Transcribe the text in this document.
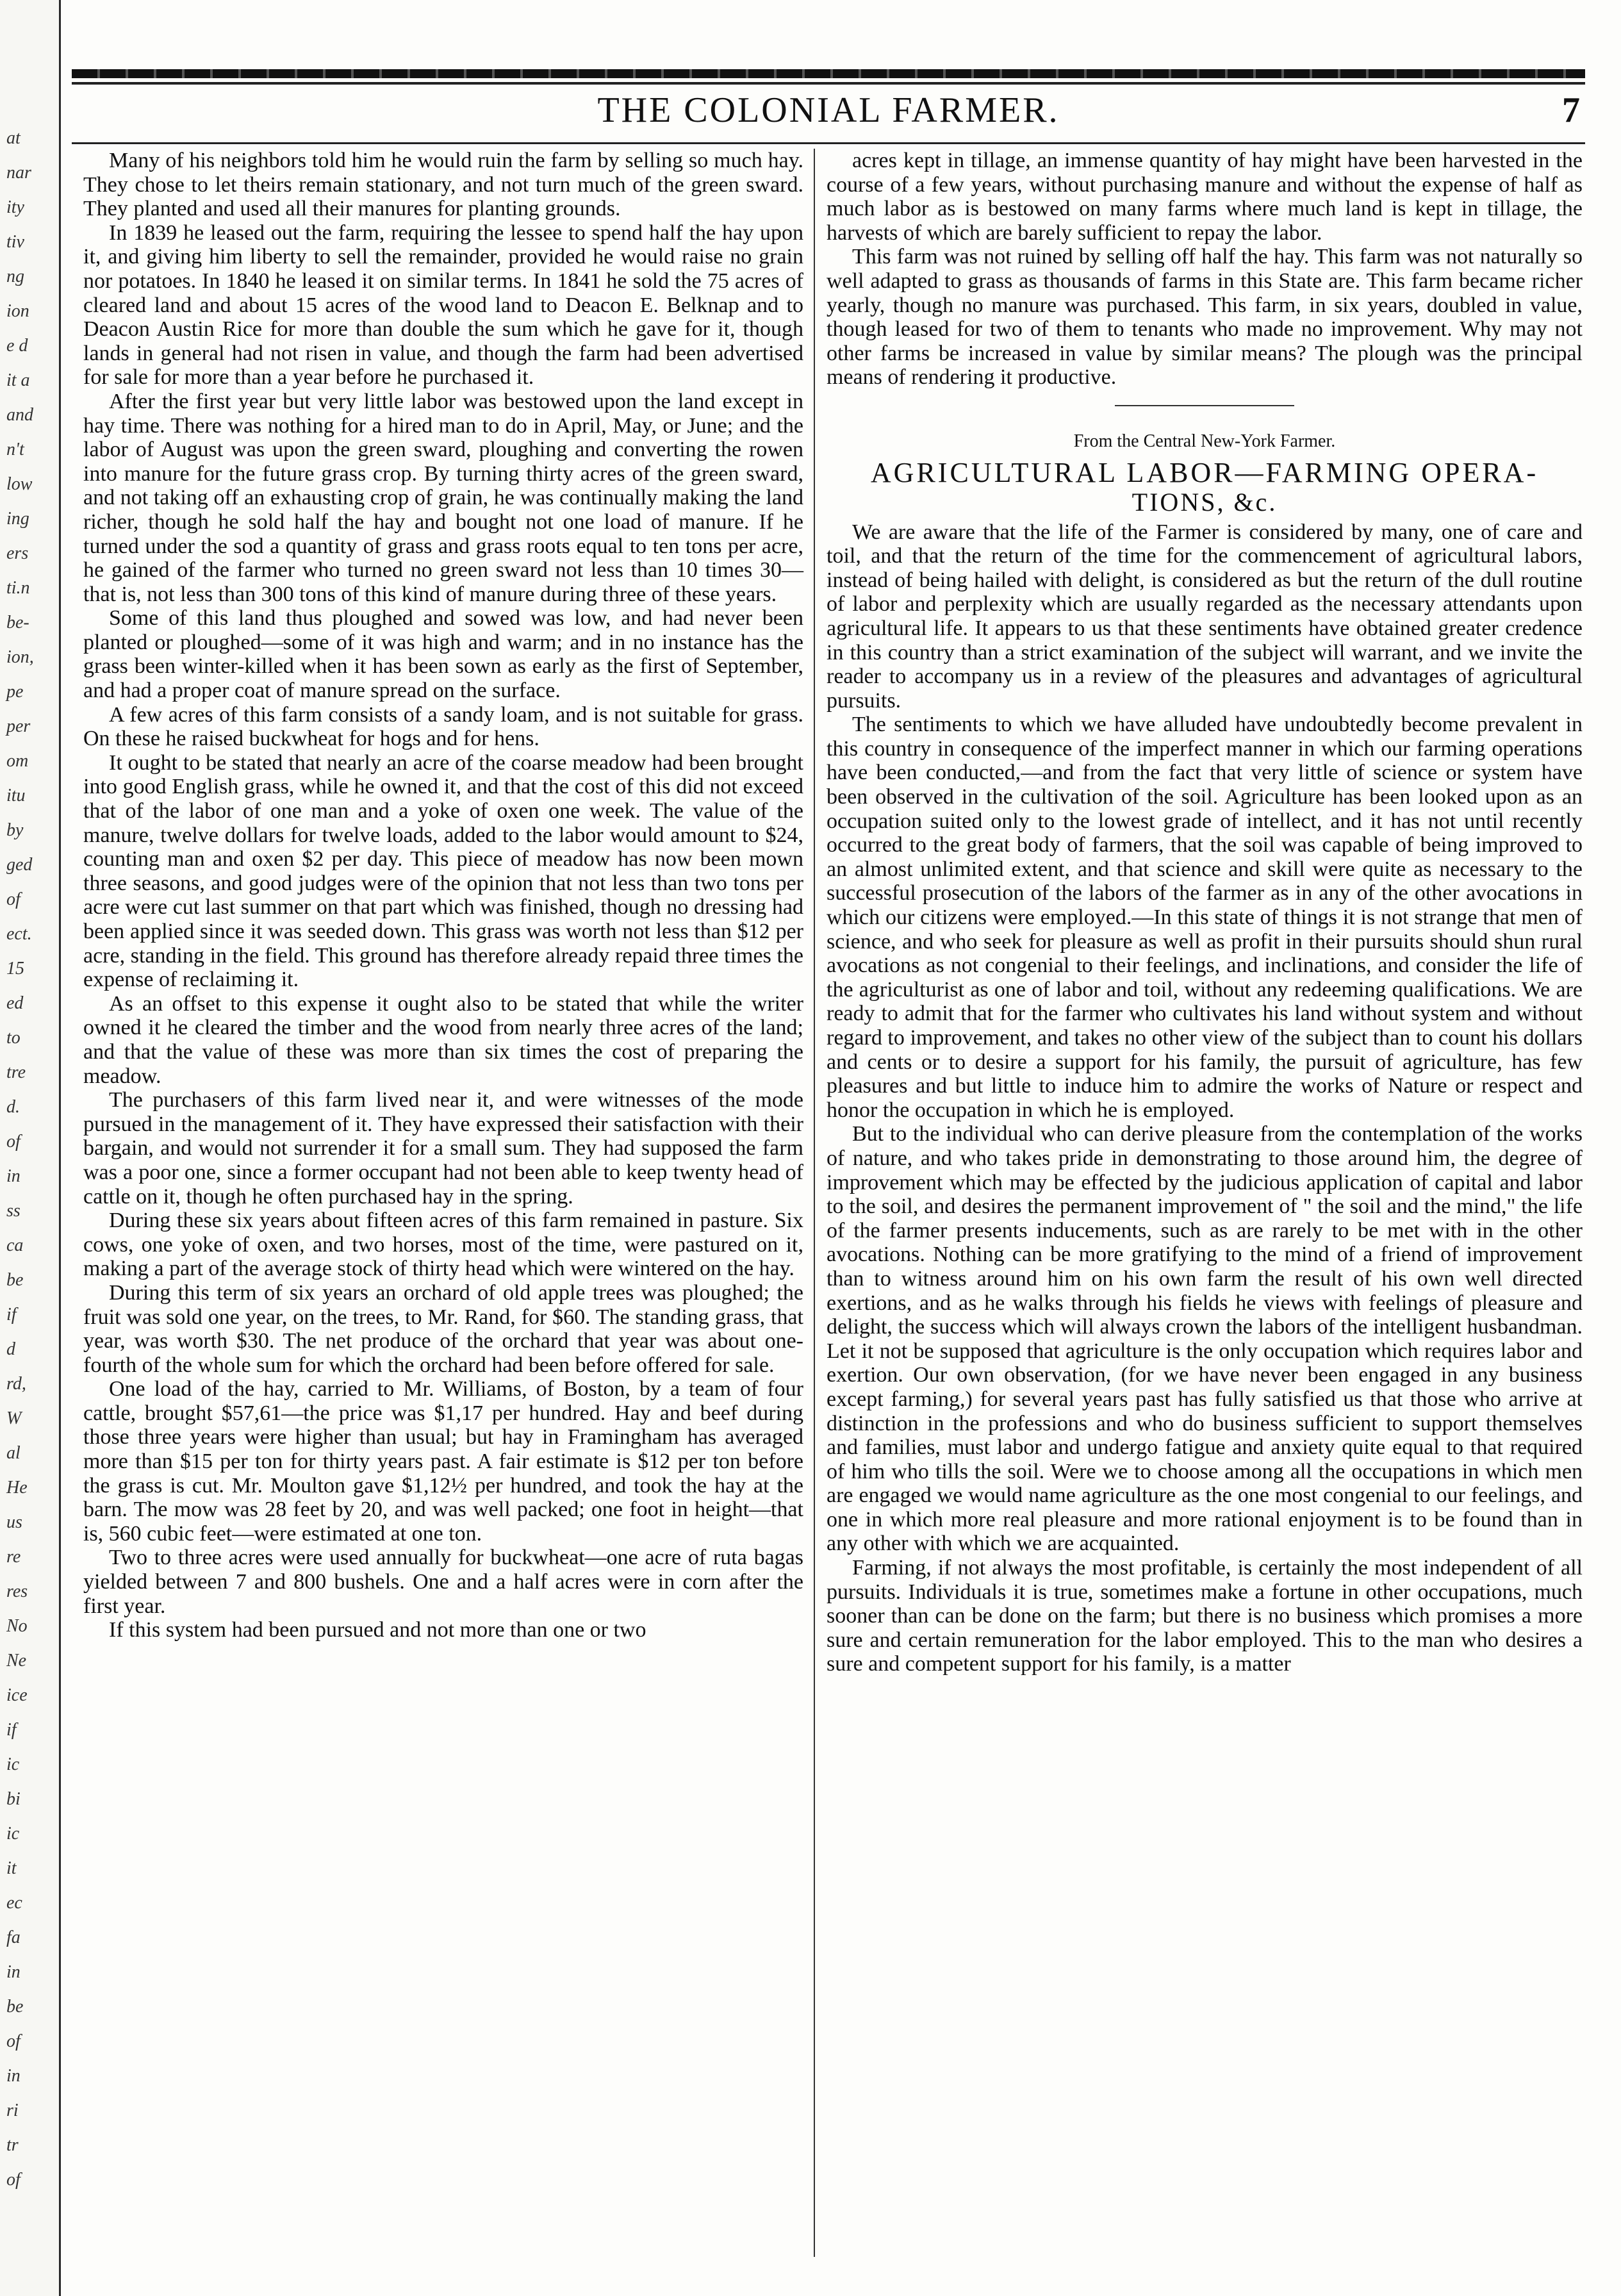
at
nar
ity
tiv
ng
ion
e d
it a
and
n't
low
ing
ers
ti.n
be-
ion,
pe
per
om
itu
by
ged
of
ect.
15
ed
to
tre
d.
of
in
ss
ca
be
if
d
rd,
W
al
He
us
re
res
No
Ne
ice
if
ic
bi
ic
it
ec
fa
in
be
of
in
ri
tr
of
THE COLONIAL FARMER.	7

Many of his neighbors told him he would ruin the farm by selling so much hay. They chose to let theirs remain stationary, and not turn much of the green sward. They planted and used all their manures for planting grounds.

In 1839 he leased out the farm, requiring the lessee to spend half the hay upon it, and giving him liberty to sell the remainder, provided he would raise no grain nor potatoes. In 1840 he leased it on similar terms. In 1841 he sold the 75 acres of cleared land and about 15 acres of the wood land to Deacon E. Belknap and to Deacon Austin Rice for more than double the sum which he gave for it, though lands in general had not risen in value, and though the farm had been advertised for sale for more than a year before he purchased it.

After the first year but very little labor was bestowed upon the land except in hay time. There was nothing for a hired man to do in April, May, or June; and the labor of August was upon the green sward, ploughing and converting the rowen into manure for the future grass crop. By turning thirty acres of the green sward, and not taking off an exhausting crop of grain, he was continually making the land richer, though he sold half the hay and bought not one load of manure. If he turned under the sod a quantity of grass and grass roots equal to ten tons per acre, he gained of the farmer who turned no green sward not less than 10 times 30—that is, not less than 300 tons of this kind of manure during three of these years.

Some of this land thus ploughed and sowed was low, and had never been planted or ploughed—some of it was high and warm; and in no instance has the grass been winter-killed when it has been sown as early as the first of September, and had a proper coat of manure spread on the surface.

A few acres of this farm consists of a sandy loam, and is not suitable for grass. On these he raised buckwheat for hogs and for hens.

It ought to be stated that nearly an acre of the coarse meadow had been brought into good English grass, while he owned it, and that the cost of this did not exceed that of the labor of one man and a yoke of oxen one week. The value of the manure, twelve dollars for twelve loads, added to the labor would amount to $24, counting man and oxen $2 per day. This piece of meadow has now been mown three seasons, and good judges were of the opinion that not less than two tons per acre were cut last summer on that part which was finished, though no dressing had been applied since it was seeded down. This grass was worth not less than $12 per acre, standing in the field. This ground has therefore already repaid three times the expense of reclaiming it.

As an offset to this expense it ought also to be stated that while the writer owned it he cleared the timber and the wood from nearly three acres of the land; and that the value of these was more than six times the cost of preparing the meadow.

The purchasers of this farm lived near it, and were witnesses of the mode pursued in the management of it. They have expressed their satisfaction with their bargain, and would not surrender it for a small sum. They had supposed the farm was a poor one, since a former occupant had not been able to keep twenty head of cattle on it, though he often purchased hay in the spring.

During these six years about fifteen acres of this farm remained in pasture. Six cows, one yoke of oxen, and two horses, most of the time, were pastured on it, making a part of the average stock of thirty head which were wintered on the hay.

During this term of six years an orchard of old apple trees was ploughed; the fruit was sold one year, on the trees, to Mr. Rand, for $60. The standing grass, that year, was worth $30. The net produce of the orchard that year was about one-fourth of the whole sum for which the orchard had been before offered for sale.

One load of the hay, carried to Mr. Williams, of Boston, by a team of four cattle, brought $57,61—the price was $1,17 per hundred. Hay and beef during those three years were higher than usual; but hay in Framingham has averaged more than $15 per ton for thirty years past. A fair estimate is $12 per ton before the grass is cut. Mr. Moulton gave $1,12½ per hundred, and took the hay at the barn. The mow was 28 feet by 20, and was well packed; one foot in height—that is, 560 cubic feet—were estimated at one ton.

Two to three acres were used annually for buckwheat—one acre of ruta bagas yielded between 7 and 800 bushels. One and a half acres were in corn after the first year.

If this system had been pursued and not more than one or two

acres kept in tillage, an immense quantity of hay might have been harvested in the course of a few years, without purchasing manure and without the expense of half as much labor as is bestowed on many farms where much land is kept in tillage, the harvests of which are barely sufficient to repay the labor.

This farm was not ruined by selling off half the hay. This farm was not naturally so well adapted to grass as thousands of farms in this State are. This farm became richer yearly, though no manure was purchased. This farm, in six years, doubled in value, though leased for two of them to tenants who made no improvement. Why may not other farms be increased in value by similar means? The plough was the principal means of rendering it productive.

From the Central New-York Farmer.

AGRICULTURAL LABOR—FARMING OPERA-

TIONS, &c.

We are aware that the life of the Farmer is considered by many, one of care and toil, and that the return of the time for the commencement of agricultural labors, instead of being hailed with delight, is considered as but the return of the dull routine of labor and perplexity which are usually regarded as the necessary attendants upon agricultural life. It appears to us that these sentiments have obtained greater credence in this country than a strict examination of the subject will warrant, and we invite the reader to accompany us in a review of the pleasures and advantages of agricultural pursuits.

The sentiments to which we have alluded have undoubtedly become prevalent in this country in consequence of the imperfect manner in which our farming operations have been conducted,—and from the fact that very little of science or system have been observed in the cultivation of the soil. Agriculture has been looked upon as an occupation suited only to the lowest grade of intellect, and it has not until recently occurred to the great body of farmers, that the soil was capable of being improved to an almost unlimited extent, and that science and skill were quite as necessary to the successful prosecution of the labors of the farmer as in any of the other avocations in which our citizens were employed.—In this state of things it is not strange that men of science, and who seek for pleasure as well as profit in their pursuits should shun rural avocations as not congenial to their feelings, and inclinations, and consider the life of the agriculturist as one of labor and toil, without any redeeming qualifications. We are ready to admit that for the farmer who cultivates his land without system and without regard to improvement, and takes no other view of the subject than to count his dollars and cents or to desire a support for his family, the pursuit of agriculture, has few pleasures and but little to induce him to admire the works of Nature or respect and honor the occupation in which he is employed.

But to the individual who can derive pleasure from the contemplation of the works of nature, and who takes pride in demonstrating to those around him, the degree of improvement which may be effected by the judicious application of capital and labor to the soil, and desires the permanent improvement of " the soil and the mind," the life of the farmer presents inducements, such as are rarely to be met with in the other avocations. Nothing can be more gratifying to the mind of a friend of improvement than to witness around him on his own farm the result of his own well directed exertions, and as he walks through his fields he views with feelings of pleasure and delight, the success which will always crown the labors of the intelligent husbandman. Let it not be supposed that agriculture is the only occupation which requires labor and exertion. Our own observation, (for we have never been engaged in any business except farming,) for several years past has fully satisfied us that those who arrive at distinction in the professions and who do business sufficient to support themselves and families, must labor and undergo fatigue and anxiety quite equal to that required of him who tills the soil. Were we to choose among all the occupations in which men are engaged we would name agriculture as the one most congenial to our feelings, and one in which more real pleasure and more rational enjoyment is to be found than in any other with which we are acquainted.

Farming, if not always the most profitable, is certainly the most independent of all pursuits. Individuals it is true, sometimes make a fortune in other occupations, much sooner than can be done on the farm; but there is no business which promises a more sure and certain remuneration for the labor employed. This to the man who desires a sure and competent support for his family, is a matter
